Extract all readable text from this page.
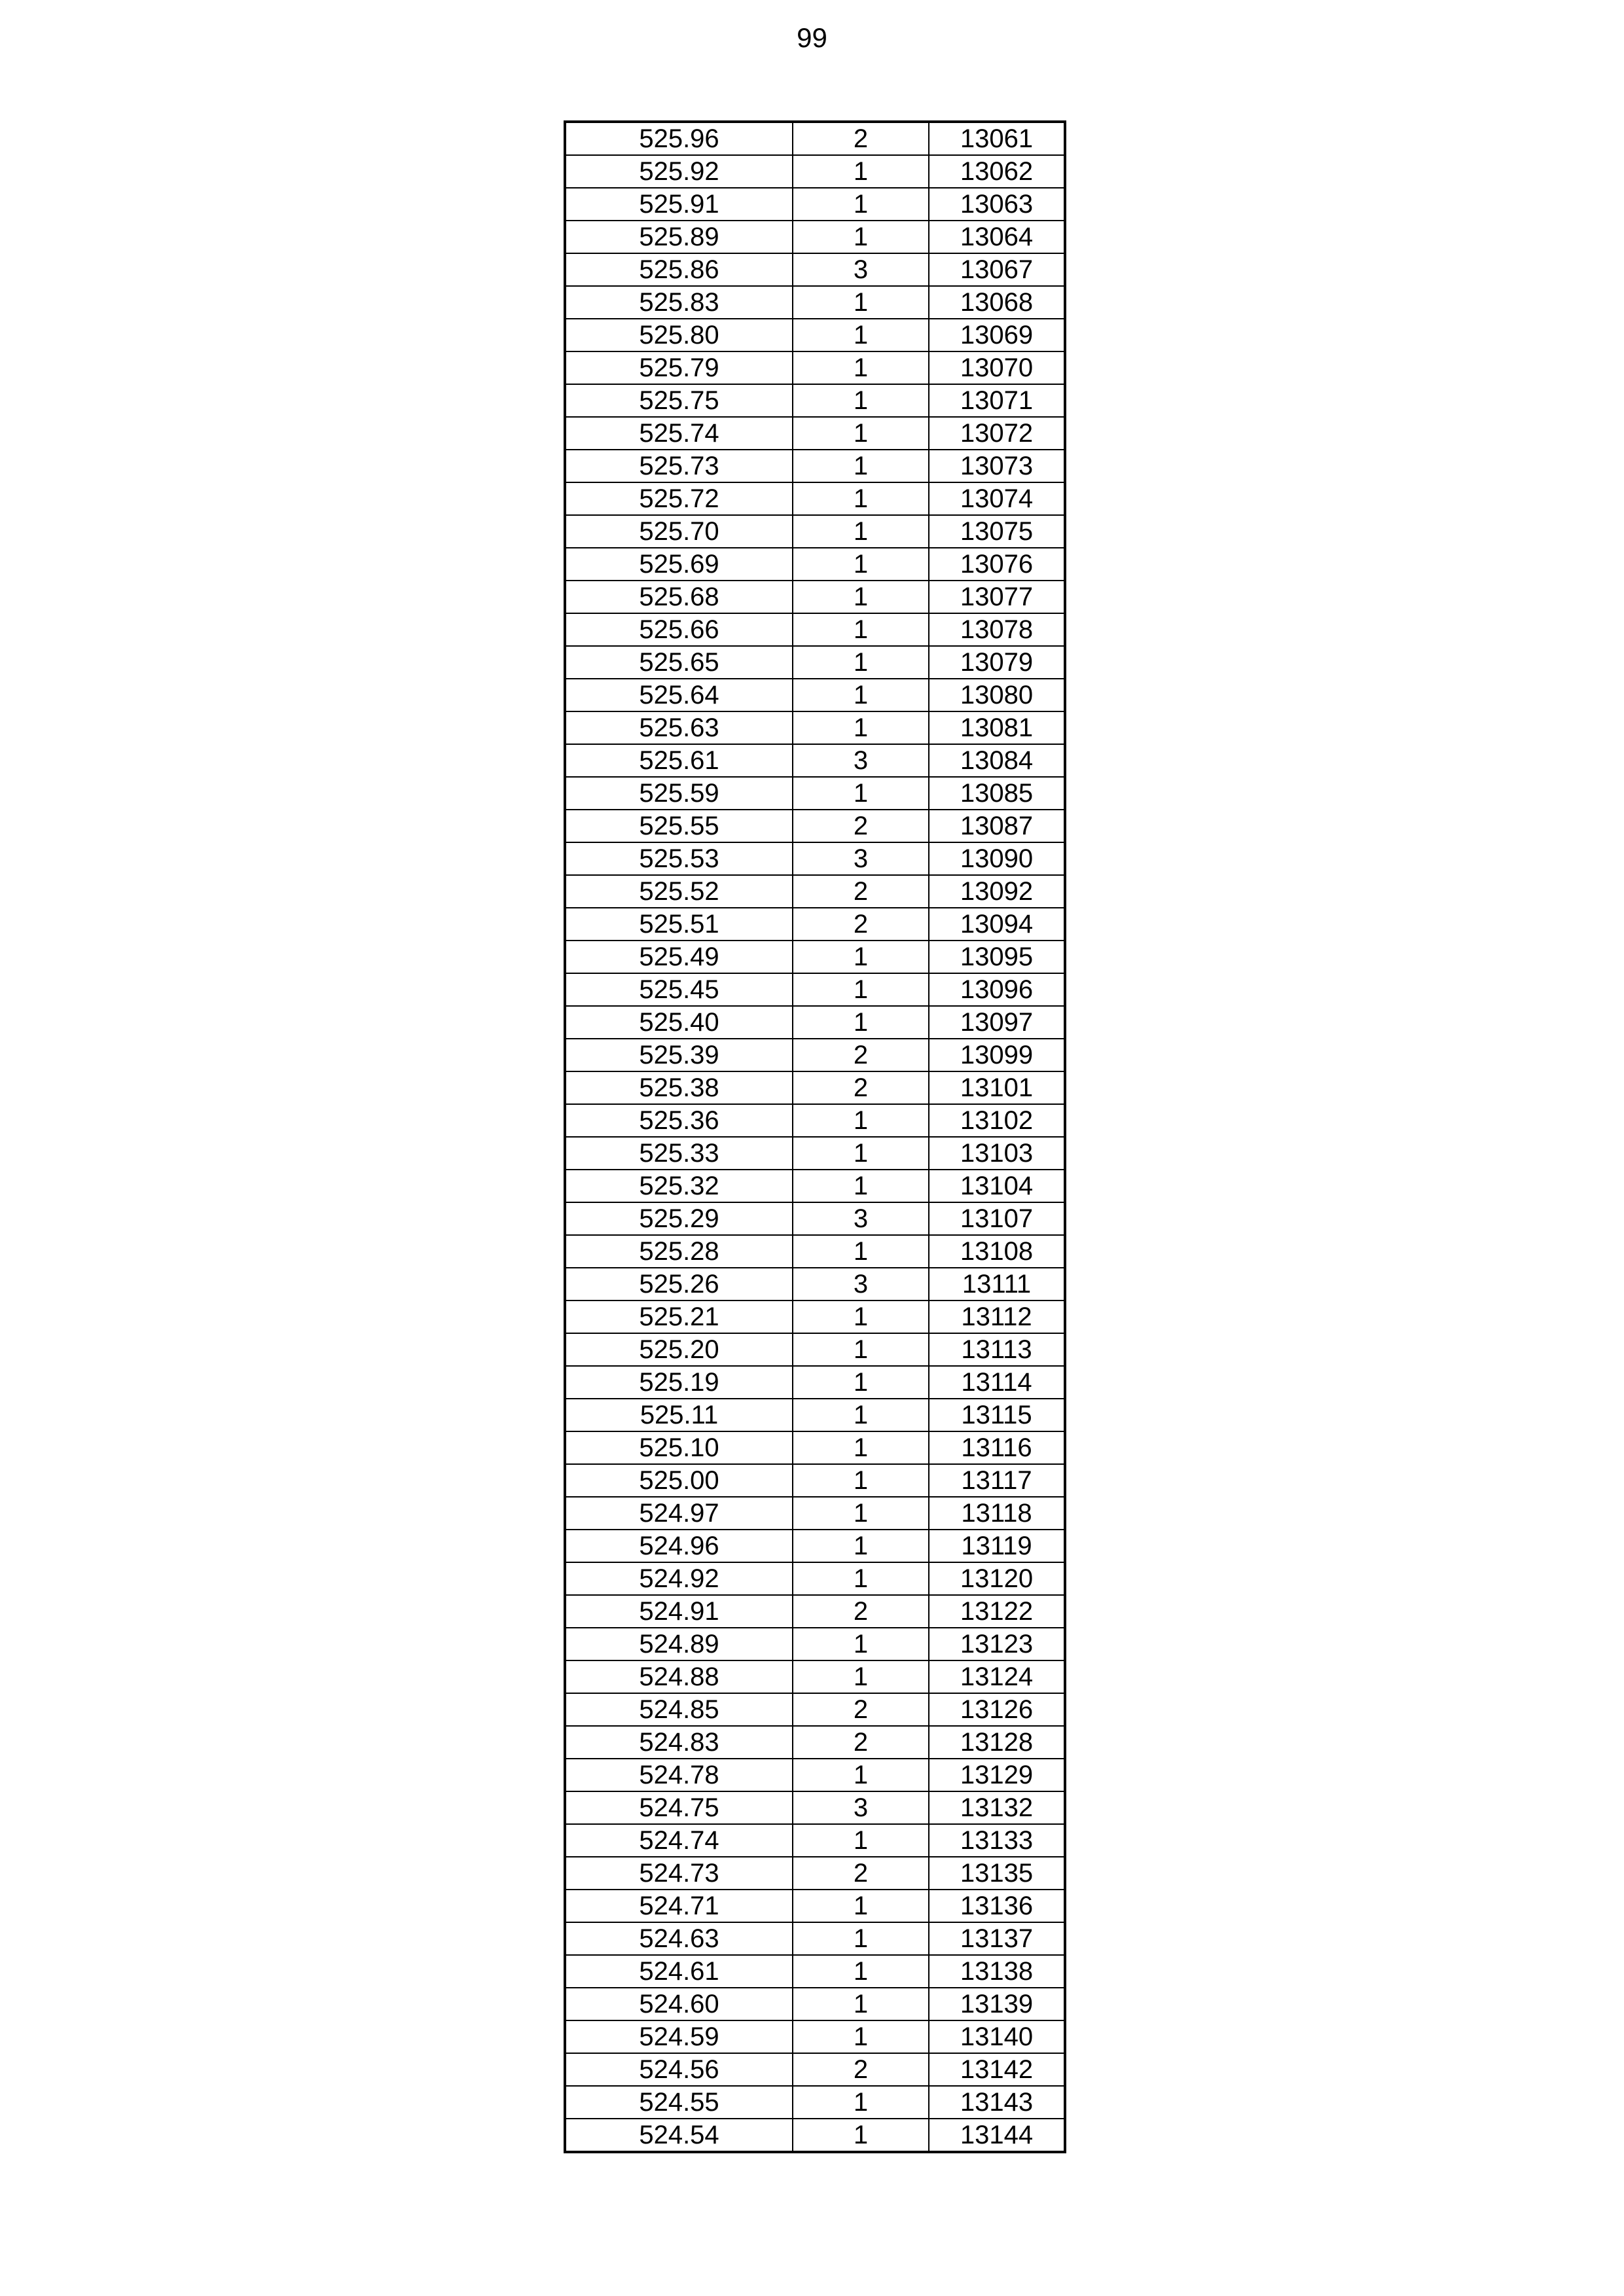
99
525.96	2	13061
525.92	1	13062
525.91	1	13063
525.89	1	13064
525.86	3	13067
525.83	1	13068
525.80	1	13069
525.79	1	13070
525.75	1	13071
525.74	1	13072
525.73	1	13073
525.72	1	13074
525.70	1	13075
525.69	1	13076
525.68	1	13077
525.66	1	13078
525.65	1	13079
525.64	1	13080
525.63	1	13081
525.61	3	13084
525.59	1	13085
525.55	2	13087
525.53	3	13090
525.52	2	13092
525.51	2	13094
525.49	1	13095
525.45	1	13096
525.40	1	13097
525.39	2	13099
525.38	2	13101
525.36	1	13102
525.33	1	13103
525.32	1	13104
525.29	3	13107
525.28	1	13108
525.26	3	13111
525.21	1	13112
525.20	1	13113
525.19	1	13114
525.11	1	13115
525.10	1	13116
525.00	1	13117
524.97	1	13118
524.96	1	13119
524.92	1	13120
524.91	2	13122
524.89	1	13123
524.88	1	13124
524.85	2	13126
524.83	2	13128
524.78	1	13129
524.75	3	13132
524.74	1	13133
524.73	2	13135
524.71	1	13136
524.63	1	13137
524.61	1	13138
524.60	1	13139
524.59	1	13140
524.56	2	13142
524.55	1	13143
524.54	1	13144
